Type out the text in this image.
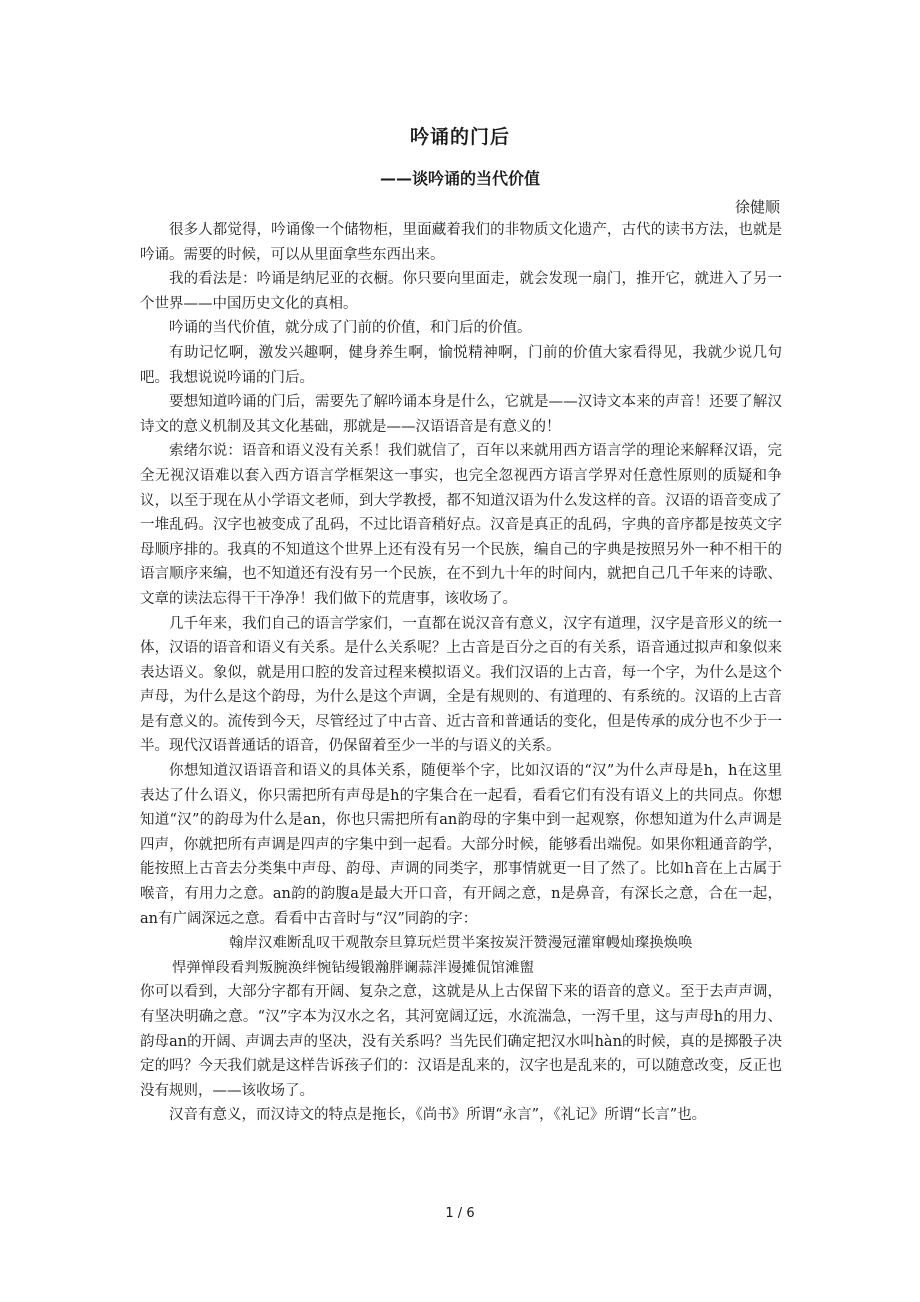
吟诵的门后
——谈吟诵的当代价值
徐健顺

很多人都觉得，吟诵像一个储物柜，里面藏着我们的非物质文化遗产，古代的读书方法，也就是吟诵。需要的时候，可以从里面拿些东西出来。

我的看法是：吟诵是纳尼亚的衣橱。你只要向里面走，就会发现一扇门，推开它，就进入了另一个世界——中国历史文化的真相。

吟诵的当代价值，就分成了门前的价值，和门后的价值。

有助记忆啊，激发兴趣啊，健身养生啊，愉悦精神啊，门前的价值大家看得见，我就少说几句吧。我想说说吟诵的门后。

要想知道吟诵的门后，需要先了解吟诵本身是什么，它就是——汉诗文本来的声音！还要了解汉诗文的意义机制及其文化基础，那就是——汉语语音是有意义的！

索绪尔说：语音和语义没有关系！我们就信了，百年以来就用西方语言学的理论来解释汉语，完全无视汉语难以套入西方语言学框架这一事实，也完全忽视西方语言学界对任意性原则的质疑和争议，以至于现在从小学语文老师，到大学教授，都不知道汉语为什么发这样的音。汉语的语音变成了一堆乱码。汉字也被变成了乱码，不过比语音稍好点。汉音是真正的乱码，字典的音序都是按英文字母顺序排的。我真的不知道这个世界上还有没有另一个民族，编自己的字典是按照另外一种不相干的语言顺序来编，也不知道还有没有另一个民族，在不到九十年的时间内，就把自己几千年来的诗歌、文章的读法忘得干干净净！我们做下的荒唐事，该收场了。

几千年来，我们自己的语言学家们，一直都在说汉音有意义，汉字有道理，汉字是音形义的统一体，汉语的语音和语义有关系。是什么关系呢？上古音是百分之百的有关系，语音通过拟声和象似来表达语义。象似，就是用口腔的发音过程来模拟语义。我们汉语的上古音，每一个字，为什么是这个声母，为什么是这个韵母，为什么是这个声调，全是有规则的、有道理的、有系统的。汉语的上古音是有意义的。流传到今天，尽管经过了中古音、近古音和普通话的变化，但是传承的成分也不少于一半。现代汉语普通话的语音，仍保留着至少一半的与语义的关系。

你想知道汉语语音和语义的具体关系，随便举个字，比如汉语的“汉”为什么声母是h，h在这里表达了什么语义，你只需把所有声母是h的字集合在一起看，看看它们有没有语义上的共同点。你想知道“汉”的韵母为什么是an，你也只需把所有an韵母的字集中到一起观察，你想知道为什么声调是四声，你就把所有声调是四声的字集中到一起看。大部分时候，能够看出端倪。如果你粗通音韵学，能按照上古音去分类集中声母、韵母、声调的同类字，那事情就更一目了然了。比如h音在上古属于喉音，有用力之意。an韵的韵腹a是最大开口音，有开阔之意，n是鼻音，有深长之意，合在一起，an有广阔深远之意。看看中古音时与“汉”同韵的字：

翰岸汉难断乱叹干观散奈旦算玩烂贯半案按炭汗赞漫冠灌窜幔灿璨换焕唤

悍弹惮段看判叛腕涣绊惋钻缦锻瀚胖谰蒜泮谩摊侃馆滩盥

你可以看到，大部分字都有开阔、复杂之意，这就是从上古保留下来的语音的意义。至于去声声调，有坚决明确之意。“汉”字本为汉水之名，其河宽阔辽远，水流湍急，一泻千里，这与声母h的用力、韵母an的开阔、声调去声的坚决，没有关系吗？当先民们确定把汉水叫hàn的时候，真的是掷骰子决定的吗？今天我们就是这样告诉孩子们的：汉语是乱来的，汉字也是乱来的，可以随意改变，反正也没有规则，——该收场了。

汉音有意义，而汉诗文的特点是拖长，《尚书》所谓“永言”，《礼记》所谓“长言”也。

1 / 6
